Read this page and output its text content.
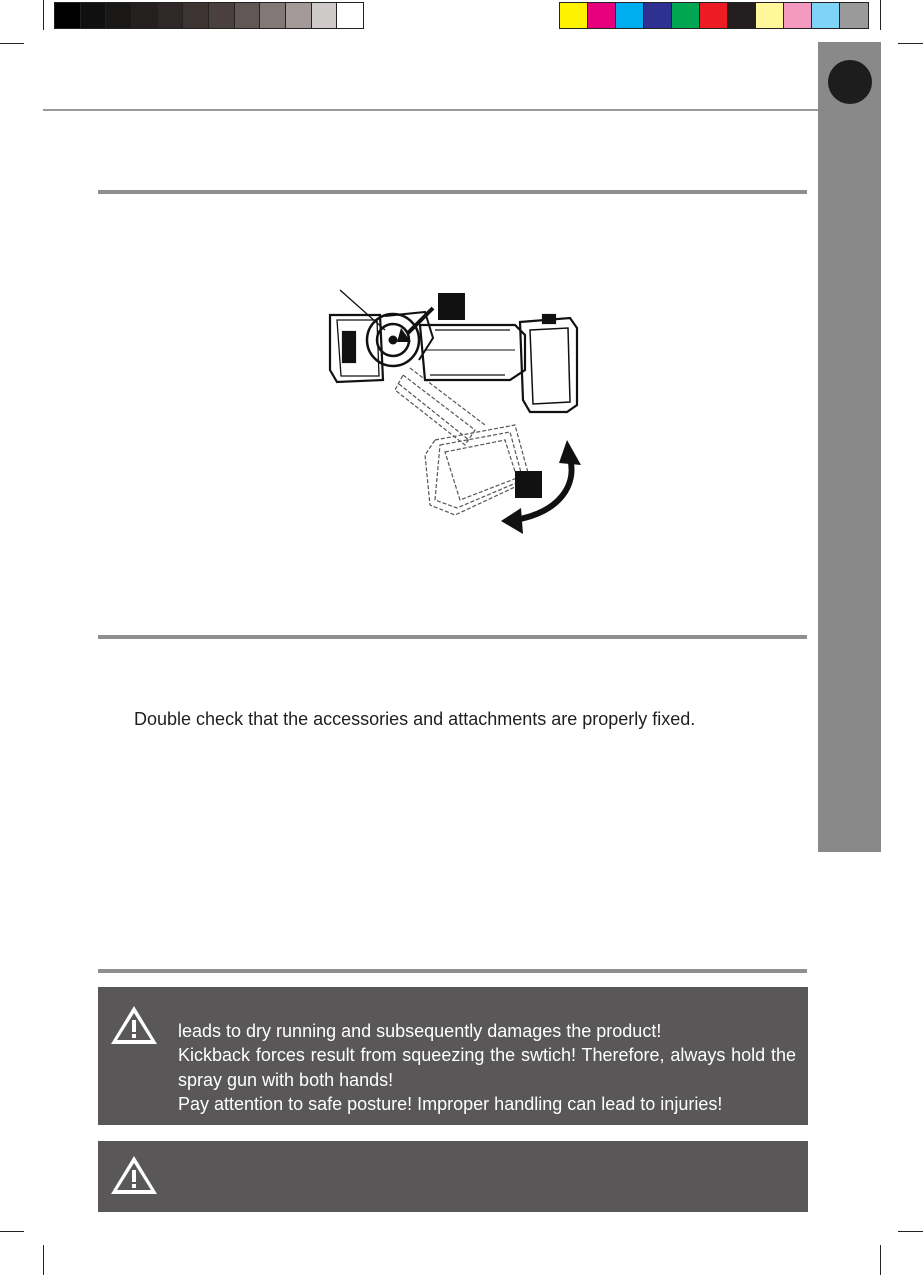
Double check that the accessories and attachments are properly fixed.

leads to dry running and subsequently damages the product!

Kickback forces result from squeezing the swtich! Therefore, always hold the spray gun with both hands!

Pay attention to safe posture! Improper handling can lead to injuries!
